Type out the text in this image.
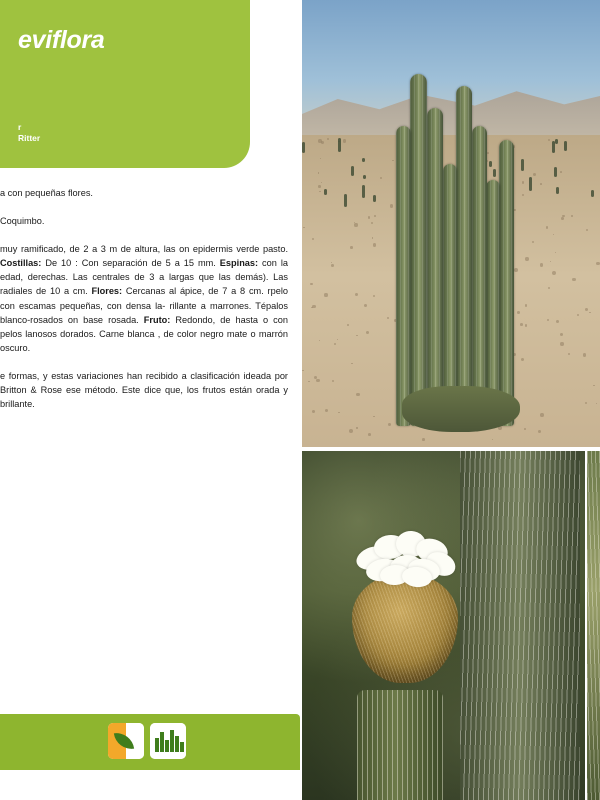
eviflora
r
Ritter

a con pequeñas flores.

Coquimbo.

muy ramificado, de 2 a 3 m de altura, las on epidermis verde pasto. Costillas: De 10 : Con separación de 5 a 15 mm. Espinas: con la edad, derechas. Las centrales de 3 a largas que las demás). Las radiales de 10 a cm. Flores: Cercanas al ápice, de 7 a 8 cm. rpelo con escamas pequeñas, con densa la- rillante a marrones. Tépalos blanco-rosados on base rosada. Fruto: Redondo, de hasta o con pelos lanosos dorados. Carne blanca , de color negro mate o marrón oscuro.

e formas, y estas variaciones han recibido a clasificación ideada por Britton & Rose ese método. Este dice que, los frutos están orada y brillante.
